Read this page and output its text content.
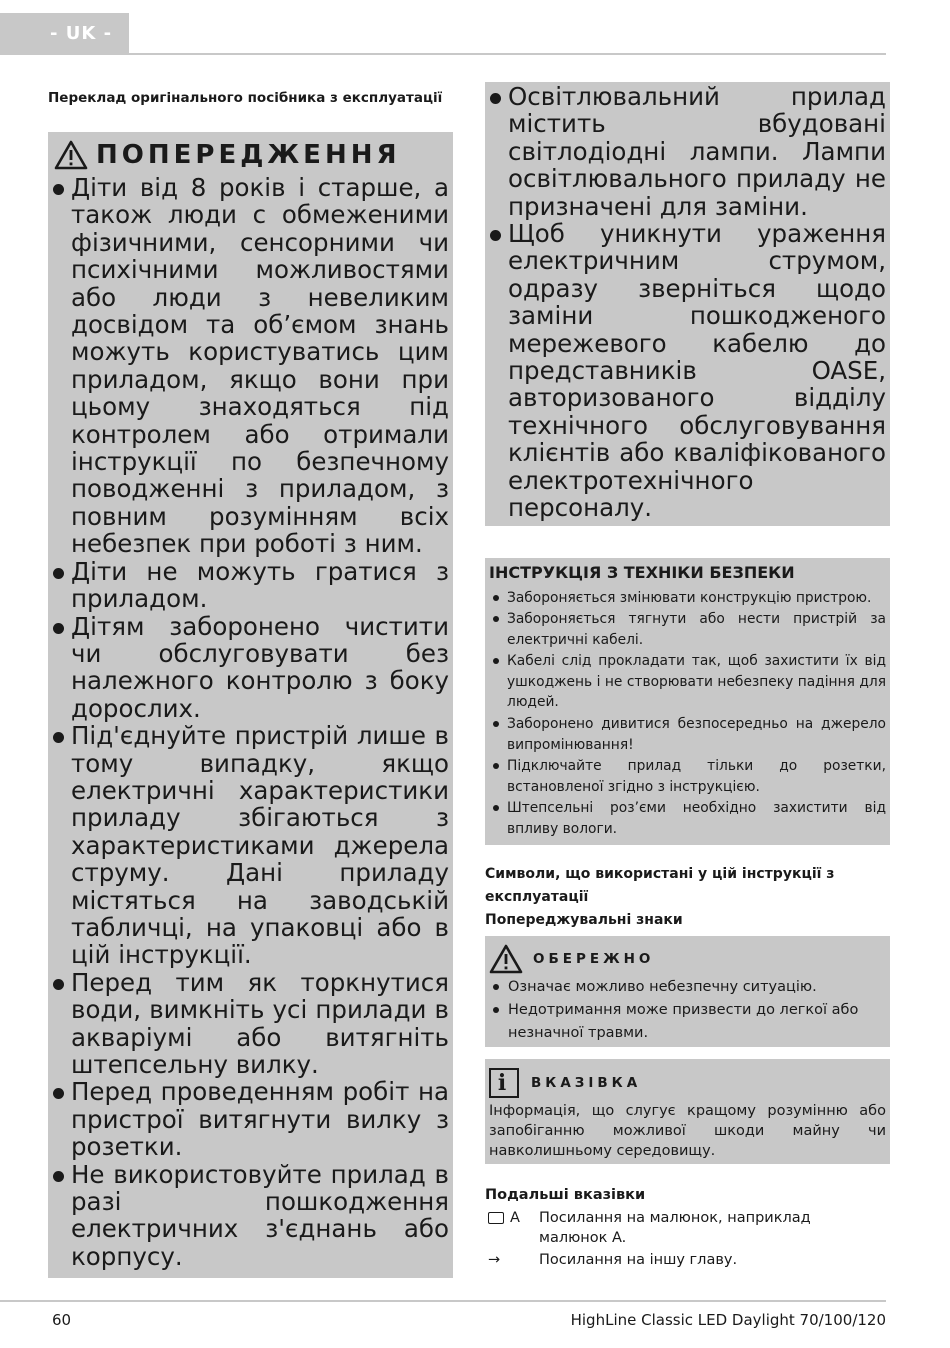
- UK -
Переклад оригінального посібника з експлуатації
ПОПЕРЕДЖЕННЯ
Діти від 8 років і старше, а також люди с обмеженими фізичними, сенсорними чи психічними можливостями або люди з невеликим досвідом та об’ємом знань можуть користуватись цим приладом, якщо вони при цьому знаходяться під контролем або отримали інструкції по безпечному поводженні з приладом, з повним розумінням всіх небезпек при роботі з ним.
Діти не можуть гратися з приладом.
Дітям заборонено чистити чи обслуговувати без належного контролю з боку дорослих.
Під'єднуйте пристрій лише в тому випадку, якщо електричні характеристики приладу збігаються з характеристиками джерела струму. Дані приладу містяться на заводській табличці, на упаковці або в цій інструкції.
Перед тим як торкнутися води, вимкніть усі прилади в акваріумі або витягніть штепсельну вилку.
Перед проведенням робіт на пристрої витягнути вилку з розетки.
Не використовуйте прилад в разі пошкодження електричних з'єднань або корпусу.
Освітлювальний прилад містить вбудовані світлодіодні лампи. Лампи освітлювального приладу не призначені для заміни.
Щоб уникнути ураження електричним струмом, одразу зверніться щодо заміни пошкодженого мережевого кабелю до представників OASE, авторизованого відділу технічного обслуговування клієнтів або кваліфікованого електротехнічного персоналу.
ІНСТРУКЦІЯ З ТЕХНІКИ БЕЗПЕКИ
Забороняється змінювати конструкцію пристрою.
Забороняється тягнути або нести пристрій за електричні кабелі.
Кабелі слід прокладати так, щоб захистити їх від ушкоджень і не створювати небезпеку падіння для людей.
Заборонено дивитися безпосередньо на джерело випромінювання!
Підключайте прилад тільки до розетки, встановленої згідно з інструкцією.
Штепсельні роз’єми необхідно захистити від впливу вологи.
Символи, що використані у цій інструкції з експлуатації
Попереджувальні знаки
ОБЕРЕЖНО
Означає можливо небезпечну ситуацію.
Недотримання може призвести до легкої або незначної травми.
i	ВКАЗІВКА
Інформація, що слугує кращому розумінню або запобіганню можливої шкоди майну чи навколишньому середовищу.
Подальші вказівки
A Посилання на малюнок, наприклад малюнок A.
→	Посилання на іншу главу.
60	HighLine Classic LED Daylight 70/100/120
